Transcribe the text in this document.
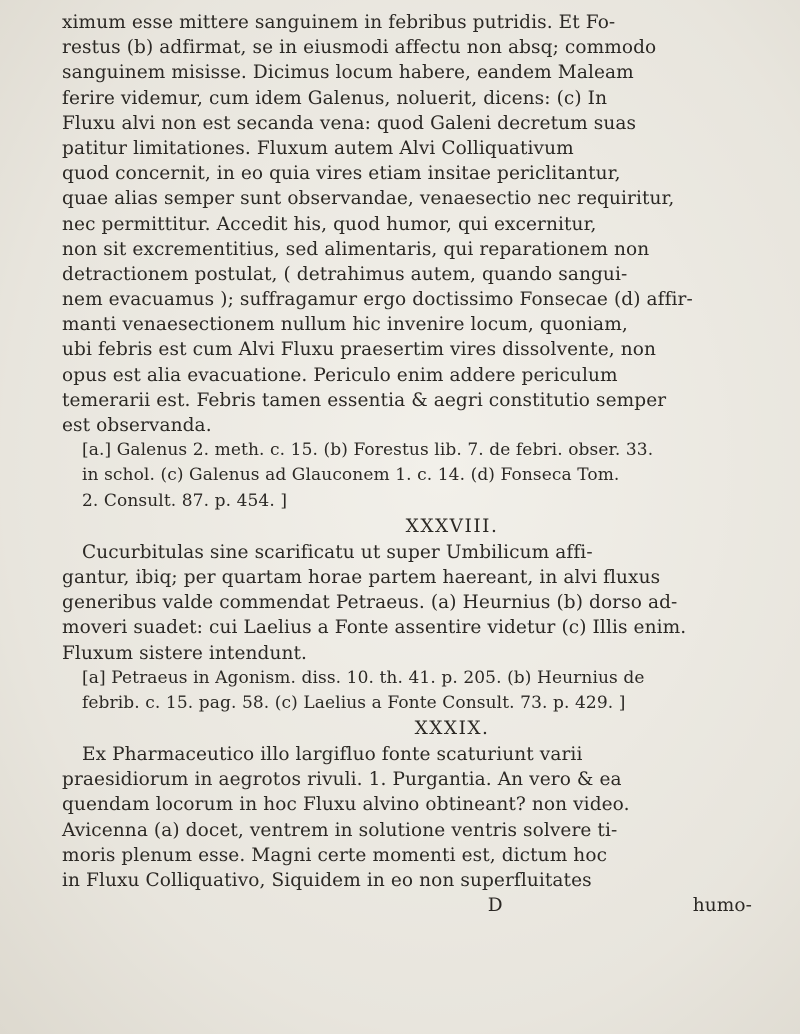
ximum esse mittere sanguinem in febribus putridis. Et Fo-
restus (b) adfirmat, se in eiusmodi affectu non absq; commodo
sanguinem misisse. Dicimus locum habere, eandem Maleam
ferire videmur, cum idem Galenus, noluerit, dicens: (c) In
Fluxu alvi non est secanda vena: quod Galeni decretum suas
patitur limitationes. Fluxum autem Alvi Colliquativum
quod concernit, in eo quia vires etiam insitae periclitantur,
quae alias semper sunt observandae, venaesectio nec requiritur,
nec permittitur. Accedit his, quod humor, qui excernitur,
non sit excrementitius, sed alimentaris, qui reparationem non
detractionem postulat, ( detrahimus autem, quando sangui-
nem evacuamus ); suffragamur ergo doctissimo Fonsecae (d) affir-
manti venaesectionem nullum hic invenire locum, quoniam,
ubi febris est cum Alvi Fluxu praesertim vires dissolvente, non
opus est alia evacuatione. Periculo enim addere periculum
temerarii est. Febris tamen essentia & aegri constitutio semper
est observanda.
[a.] Galenus 2. meth. c. 15. (b) Forestus lib. 7. de febri. obser. 33.
in schol. (c) Galenus ad Glauconem 1. c. 14. (d) Fonseca Tom.
2. Consult. 87. p. 454. ]
XXXVIII.
Cucurbitulas sine scarificatu ut super Umbilicum affi-
gantur, ibiq; per quartam horae partem haereant, in alvi fluxus
generibus valde commendat Petraeus. (a) Heurnius (b) dorso ad-
moveri suadet: cui Laelius a Fonte assentire videtur (c) Illis enim.
Fluxum sistere intendunt.
[a] Petraeus in Agonism. diss. 10. th. 41. p. 205. (b) Heurnius de
febrib. c. 15. pag. 58. (c) Laelius a Fonte Consult. 73. p. 429. ]
XXXIX.
Ex Pharmaceutico illo largifluo fonte scaturiunt varii
praesidiorum in aegrotos rivuli. 1. Purgantia. An vero & ea
quendam locorum in hoc Fluxu alvino obtineant? non video.
Avicenna (a) docet, ventrem in solutione ventris solvere ti-
moris plenum esse. Magni certe momenti est, dictum hoc
in Fluxu Colliquativo, Siquidem in eo non superfluitates
D	humo-
